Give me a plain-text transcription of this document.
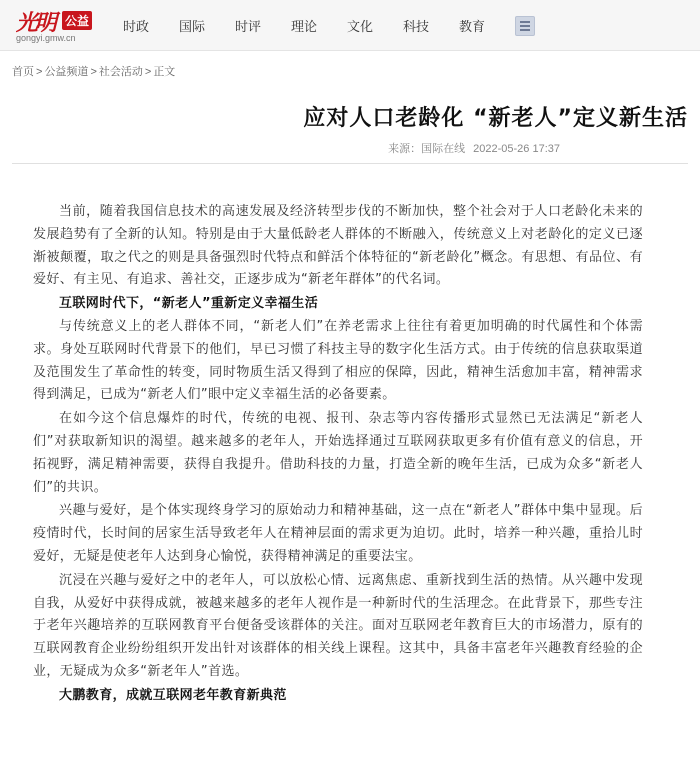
光明 公益
gongyi.gmw.cn
时政	国际	时评	理论	文化	科技	教育
首页 > 公益频道 > 社会活动 > 正文
应对人口老龄化 “新老人”定义新生活
来源：国际在线 2022-05-26 17:37

当前，随着我国信息技术的高速发展及经济转型步伐的不断加快，整个社会对于人口老龄化未来的发展趋势有了全新的认知。特别是由于大量低龄老人群体的不断融入，传统意义上对老龄化的定义已逐渐被颠覆，取之代之的则是具备强烈时代特点和鲜活个体特征的“新老龄化”概念。有思想、有品位、有爱好、有主见、有追求、善社交，正逐步成为“新老年群体”的代名词。

互联网时代下，“新老人”重新定义幸福生活

与传统意义上的老人群体不同，“新老人们”在养老需求上往往有着更加明确的时代属性和个体需求。身处互联网时代背景下的他们，早已习惯了科技主导的数字化生活方式。由于传统的信息获取渠道及范围发生了革命性的转变，同时物质生活又得到了相应的保障，因此，精神生活愈加丰富，精神需求得到满足，已成为“新老人们”眼中定义幸福生活的必备要素。

在如今这个信息爆炸的时代，传统的电视、报刊、杂志等内容传播形式显然已无法满足“新老人们”对获取新知识的渴望。越来越多的老年人，开始选择通过互联网获取更多有价值有意义的信息，开拓视野，满足精神需要，获得自我提升。借助科技的力量，打造全新的晚年生活，已成为众多“新老人们”的共识。

兴趣与爱好，是个体实现终身学习的原始动力和精神基础，这一点在“新老人”群体中集中显现。后疫情时代，长时间的居家生活导致老年人在精神层面的需求更为迫切。此时，培养一种兴趣，重拾儿时爱好，无疑是使老年人达到身心愉悦，获得精神满足的重要法宝。

沉浸在兴趣与爱好之中的老年人，可以放松心情、远离焦虑、重新找到生活的热情。从兴趣中发现自我，从爱好中获得成就，被越来越多的老年人视作是一种新时代的生活理念。在此背景下，那些专注于老年兴趣培养的互联网教育平台便备受该群体的关注。面对互联网老年教育巨大的市场潜力，原有的互联网教育企业纷纷组织开发出针对该群体的相关线上课程。这其中，具备丰富老年兴趣教育经验的企业，无疑成为众多“新老年人”首选。

大鹏教育，成就互联网老年教育新典范
